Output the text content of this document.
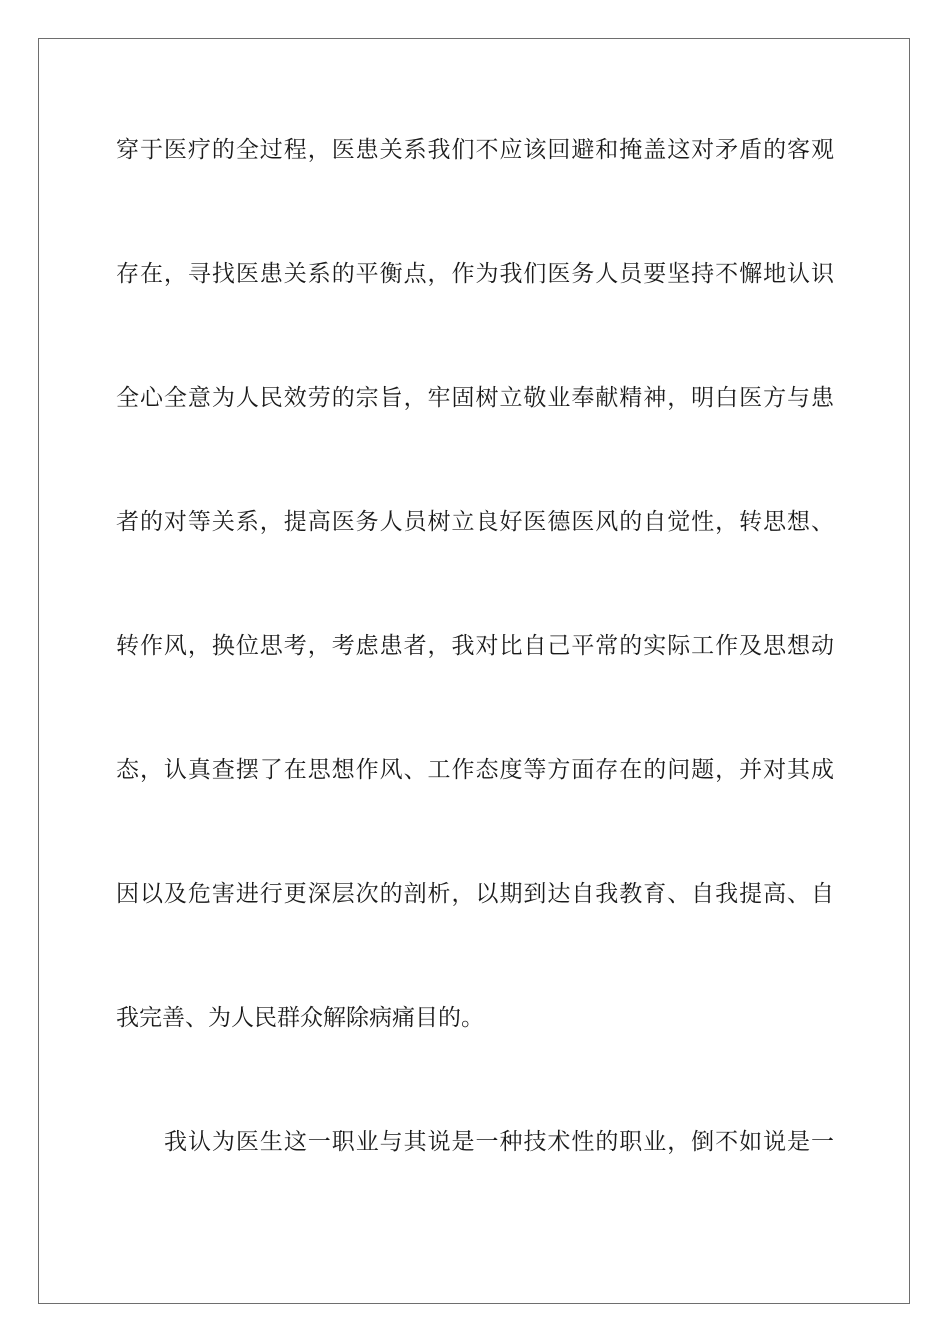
穿于医疗的全过程，医患关系我们不应该回避和掩盖这对矛盾的客观
存在，寻找医患关系的平衡点，作为我们医务人员要坚持不懈地认识
全心全意为人民效劳的宗旨，牢固树立敬业奉献精神，明白医方与患
者的对等关系，提高医务人员树立良好医德医风的自觉性，转思想、
转作风，换位思考，考虑患者，我对比自己平常的实际工作及思想动
态，认真查摆了在思想作风、工作态度等方面存在的问题，并对其成
因以及危害进行更深层次的剖析，以期到达自我教育、自我提高、自
我完善、为人民群众解除病痛目的。
我认为医生这一职业与其说是一种技术性的职业，倒不如说是一
